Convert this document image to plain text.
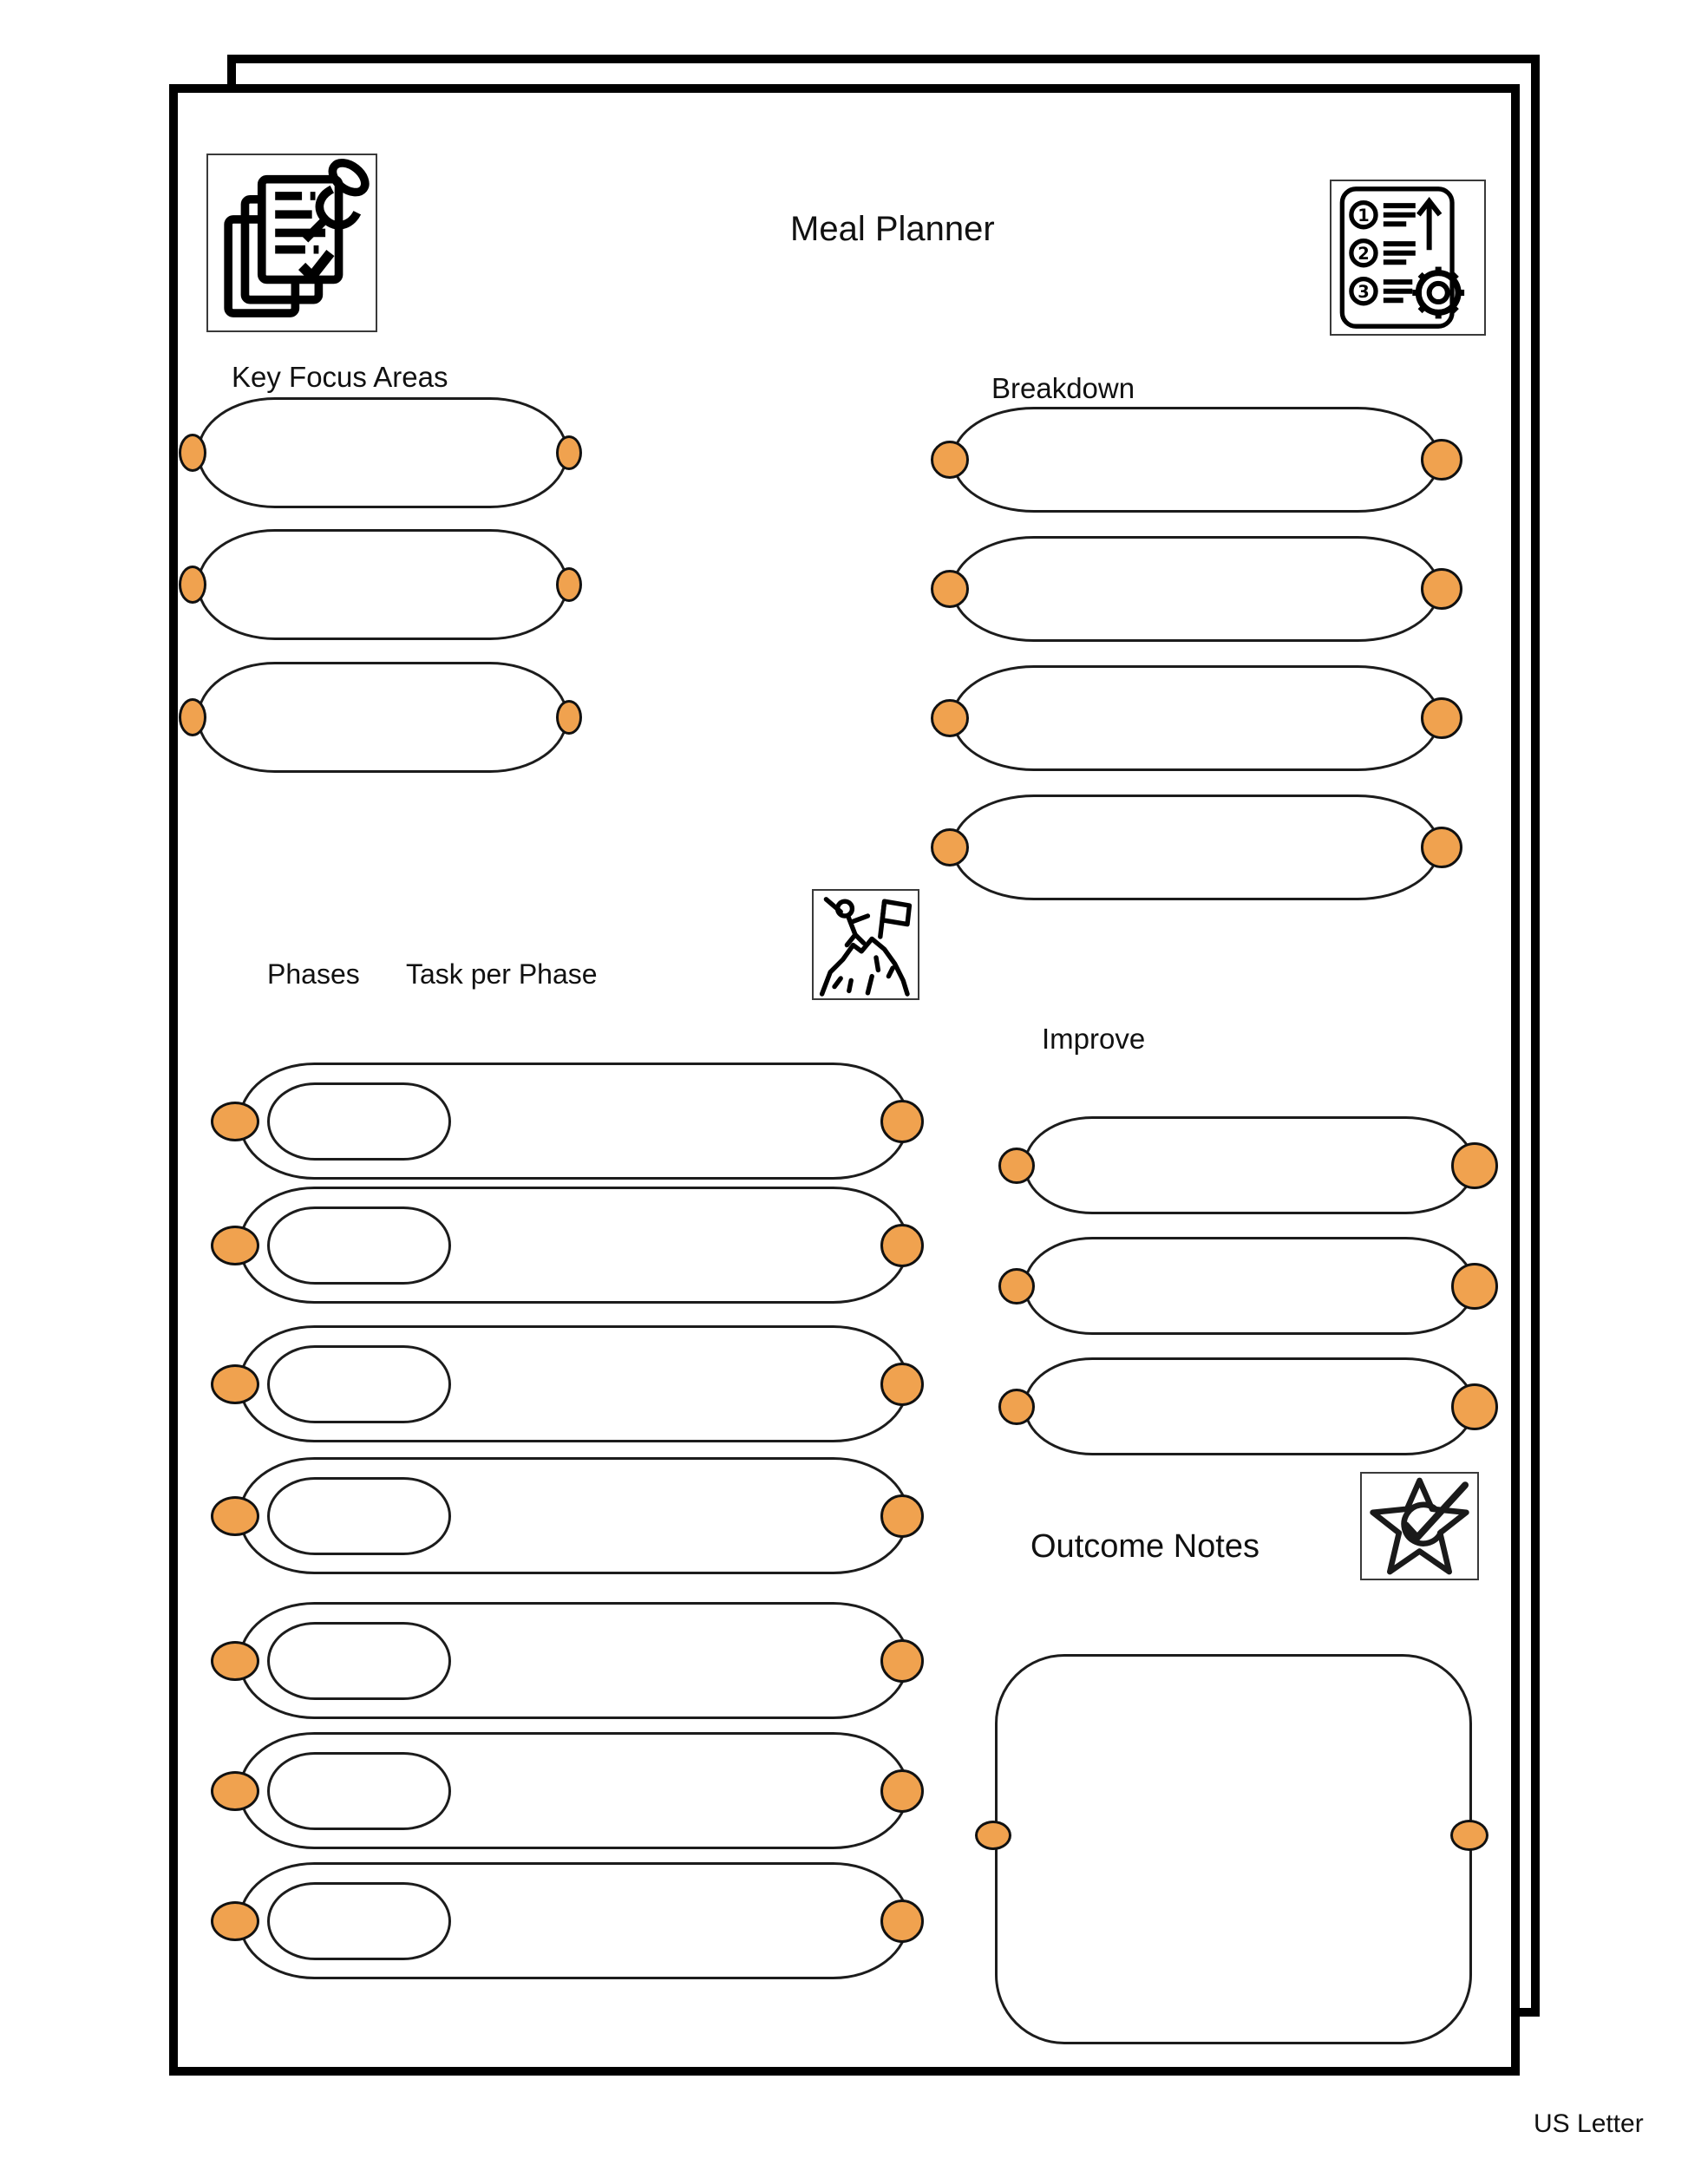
Meal Planner	1
2
3
Key Focus Areas	Breakdown
Phases Task per Phase
Improve
Outcome Notes
US Letter
